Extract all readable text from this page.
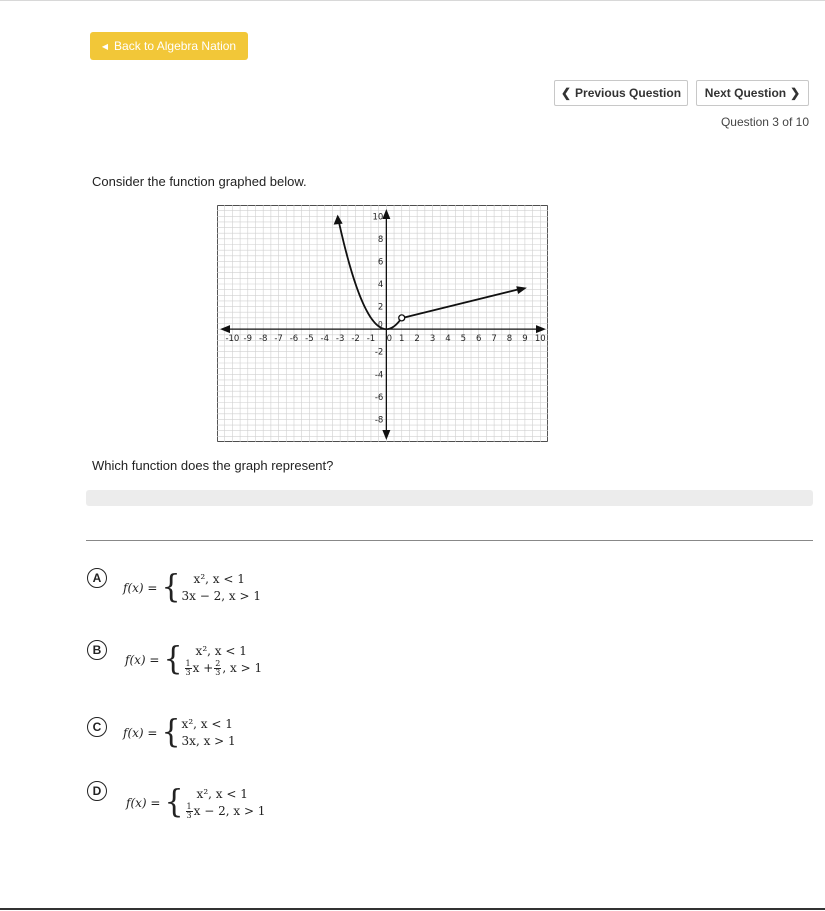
◀ Back to Algebra Nation
❮ Previous Question Next Question ❯
Question 3 of 10
Consider the function graphed below.
-10 -9 -8 -7 -6 -5 -4 -3 -2 -1 0 1 2 3 4 5 6 7 8 9 10
10
8
6
4
2
0
-2
-4
-6
-8
Which function does the graph represent?
A
f(x) = {	x², x < 1
3x − 2, x > 1
B
f(x) = {	x², x < 1
$\frac{1}{3}$ $x + \frac{2}{3}$ , x > 1
C	f(x) = { x², x < 1
3x, x > 1
D
f(x) = {	x², x < 1
$\frac{1}{3}$ x − 2, x > 1
